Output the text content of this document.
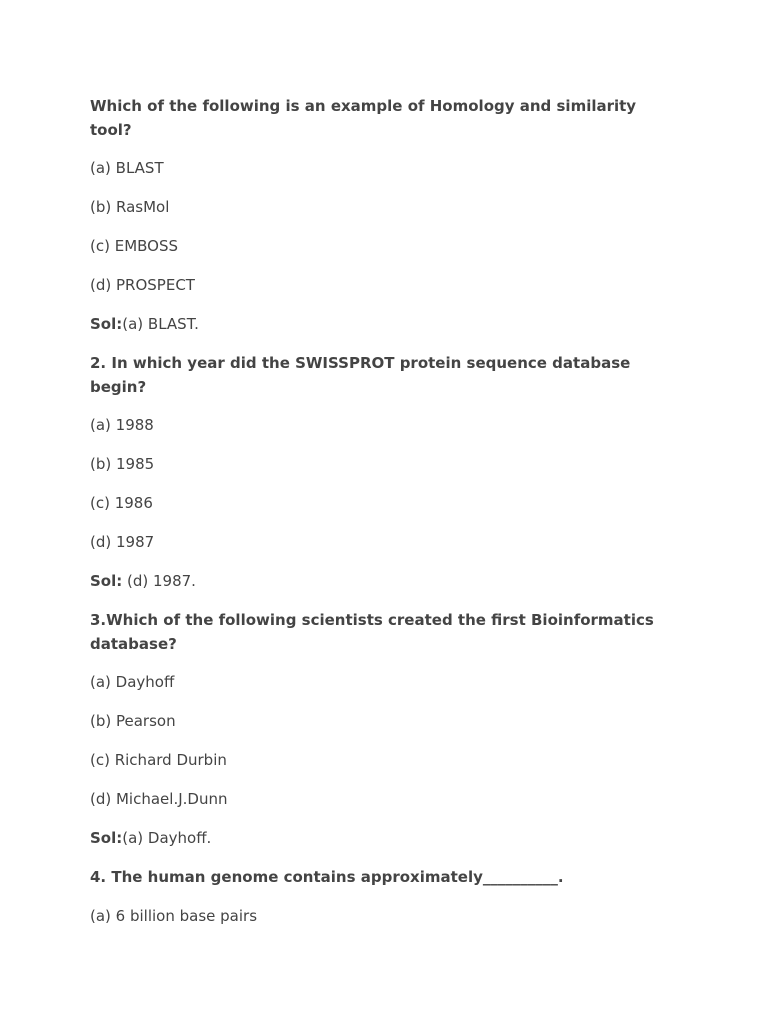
Which of the following is an example of Homology and similarity tool?

(a) BLAST

(b) RasMol

(c) EMBOSS

(d) PROSPECT

Sol:(a) BLAST.

2. In which year did the SWISSPROT protein sequence database begin?

(a) 1988

(b) 1985

(c) 1986

(d) 1987

Sol: (d) 1987.

3.Which of the following scientists created the first Bioinformatics database?

(a) Dayhoff

(b) Pearson

(c) Richard Durbin

(d) Michael.J.Dunn

Sol:(a) Dayhoff.

4. The human genome contains approximately__________.

(a) 6 billion base pairs
